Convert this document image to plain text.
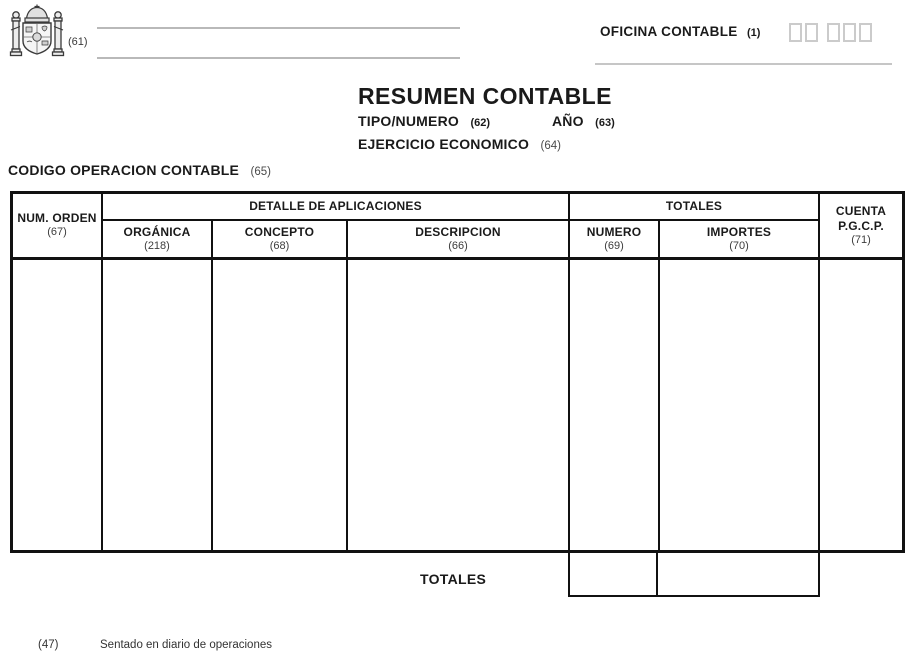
(61)
OFICINA CONTABLE (1)
RESUMEN CONTABLE
TIPO/NUMERO (62)	AÑO (63)
EJERCICIO ECONOMICO (64)
CODIGO OPERACION CONTABLE (65)
NUM. ORDEN
(67)
DETALLE DE APLICACIONES
ORGÁNICA
(218)
CONCEPTO
(68)
DESCRIPCION
(66)
TOTALES
NUMERO
(69)
IMPORTES
(70)
CUENTA P.G.C.P.
(71)
TOTALES
(47)	Sentado en diario de operaciones
